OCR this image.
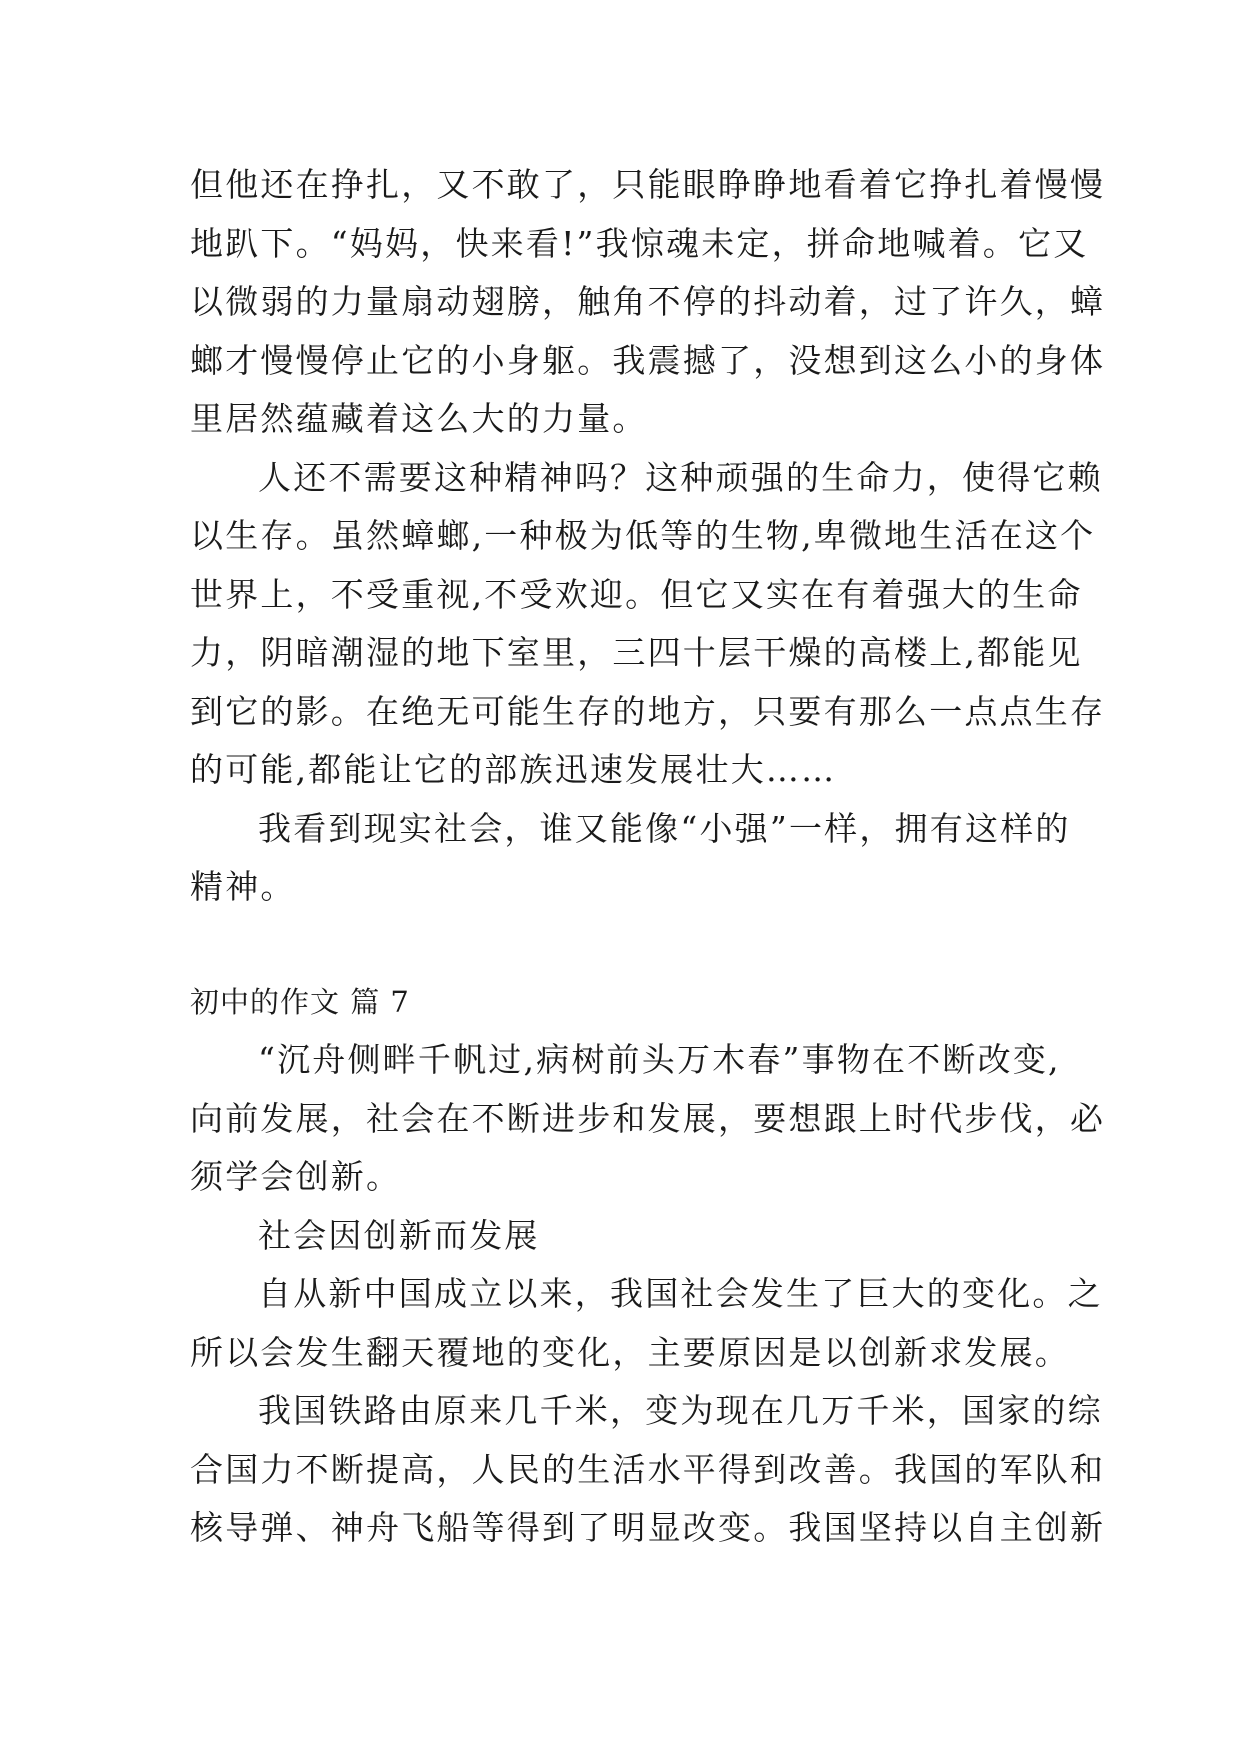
但他还在挣扎，又不敢了，只能眼睁睁地看着它挣扎着慢慢
地趴下。“妈妈，快来看!”我惊魂未定，拼命地喊着。它又
以微弱的力量扇动翅膀，触角不停的抖动着，过了许久，蟑
螂才慢慢停止它的小身躯。我震撼了，没想到这么小的身体
里居然蕴藏着这么大的力量。
人还不需要这种精神吗？这种顽强的生命力，使得它赖
以生存。虽然蟑螂,一种极为低等的生物,卑微地生活在这个
世界上，不受重视,不受欢迎。但它又实在有着强大的生命
力，阴暗潮湿的地下室里，三四十层干燥的高楼上,都能见
到它的影。在绝无可能生存的地方，只要有那么一点点生存
的可能,都能让它的部族迅速发展壮大……
我看到现实社会，谁又能像“小强”一样，拥有这样的
精神。
初中的作文 篇 7
“沉舟侧畔千帆过,病树前头万木春”事物在不断改变,
向前发展，社会在不断进步和发展，要想跟上时代步伐，必
须学会创新。
社会因创新而发展
自从新中国成立以来，我国社会发生了巨大的变化。之
所以会发生翻天覆地的变化，主要原因是以创新求发展。
我国铁路由原来几千米，变为现在几万千米，国家的综
合国力不断提高，人民的生活水平得到改善。我国的军队和
核导弹、神舟飞船等得到了明显改变。我国坚持以自主创新
